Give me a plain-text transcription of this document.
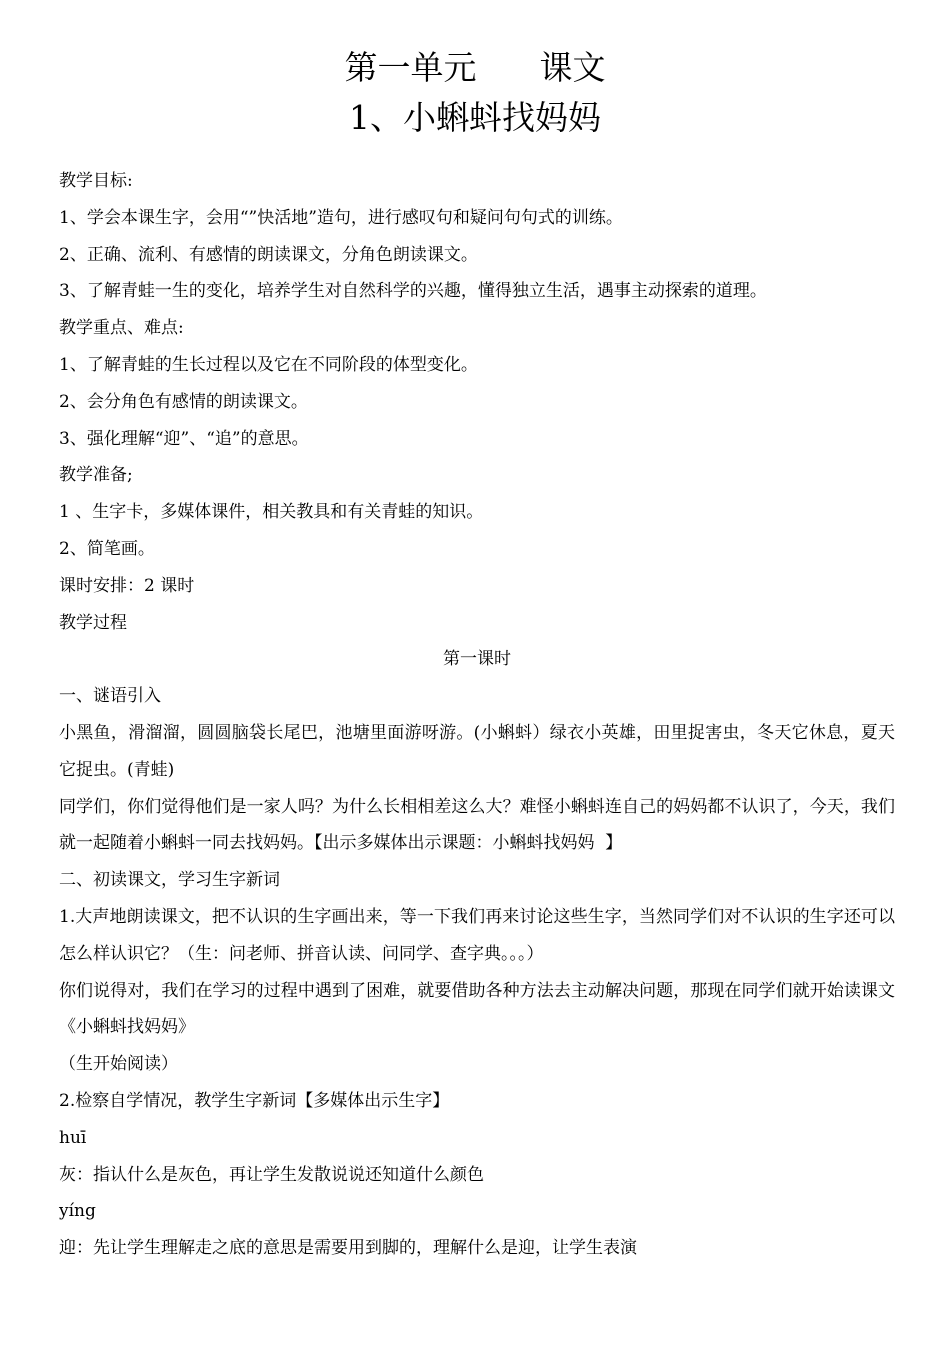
第一单元      课文
1、小蝌蚪找妈妈

教学目标:

1、学会本课生字，会用“”快活地”造句，进行感叹句和疑问句句式的训练。

2、正确、流利、有感情的朗读课文，分角色朗读课文。

3、了解青蛙一生的变化，培养学生对自然科学的兴趣，懂得独立生活，遇事主动探索的道理。

教学重点、难点:

1、了解青蛙的生长过程以及它在不同阶段的体型变化。

2、会分角色有感情的朗读课文。

3、强化理解“迎”、“追”的意思。

教学准备;

1 、生字卡，多媒体课件，相关教具和有关青蛙的知识。

2、简笔画。

课时安排：2 课时

教学过程

第一课时

一、谜语引入

小黑鱼，滑溜溜，圆圆脑袋长尾巴，池塘里面游呀游。(小蝌蚪）绿衣小英雄，田里捉害虫，冬天它休息，夏天它捉虫。(青蛙)

同学们，你们觉得他们是一家人吗？为什么长相相差这么大？难怪小蝌蚪连自己的妈妈都不认识了，今天，我们就一起随着小蝌蚪一同去找妈妈。【出示多媒体出示课题：小蝌蚪找妈妈  】

二、初读课文，学习生字新词

1.大声地朗读课文，把不认识的生字画出来，等一下我们再来讨论这些生字，当然同学们对不认识的生字还可以怎么样认识它？（生：问老师、拼音认读、问同学、查字典。。。）

你们说得对，我们在学习的过程中遇到了困难，就要借助各种方法去主动解决问题，那现在同学们就开始读课文《小蝌蚪找妈妈》

（生开始阅读）

2.检察自学情况，教学生字新词【多媒体出示生字】

huī

灰：指认什么是灰色，再让学生发散说说还知道什么颜色

yíng

迎：先让学生理解走之底的意思是需要用到脚的，理解什么是迎，让学生表演
